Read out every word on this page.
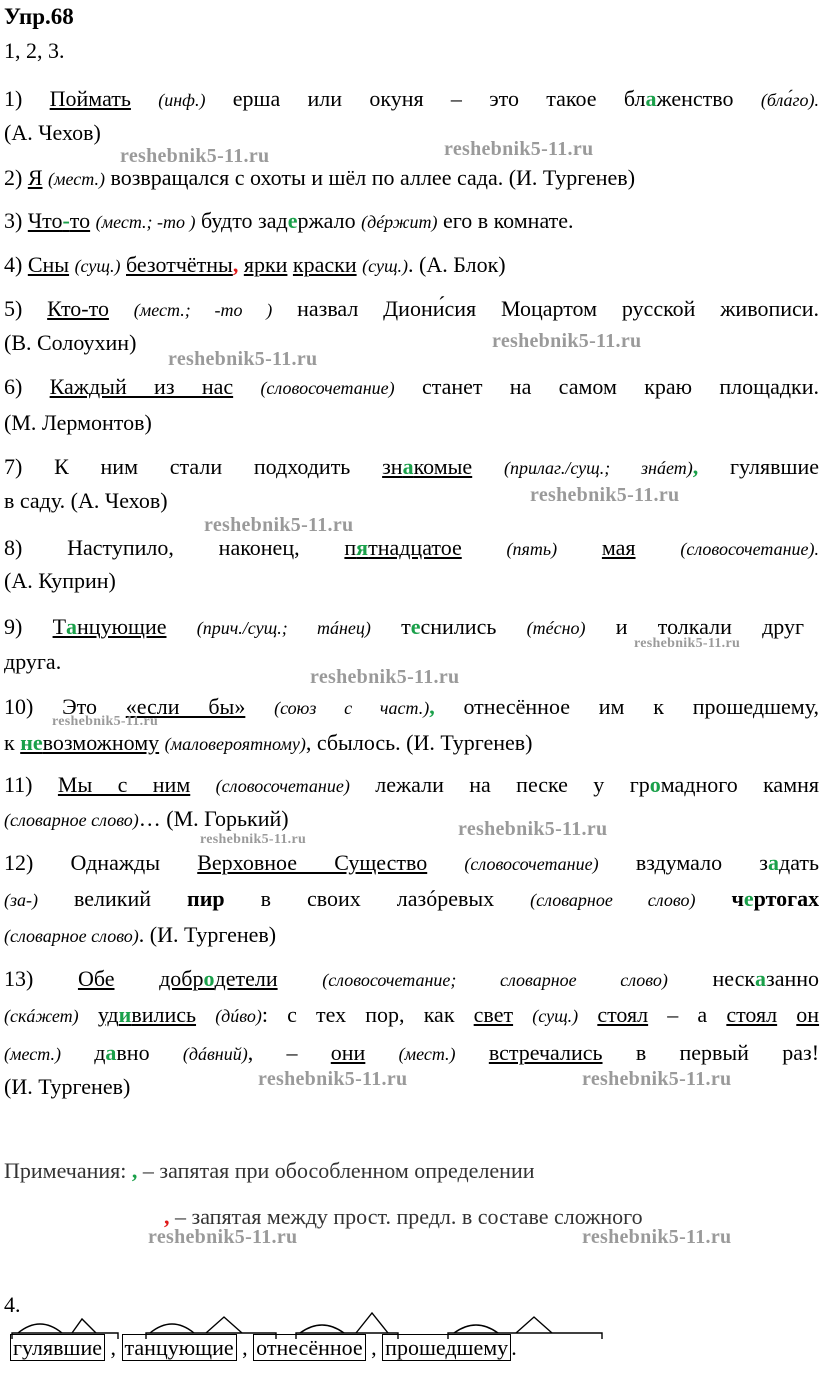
Упр.68
1, 2, 3.
1) Поймать (инф.) ерша или окуня – это такое блаженство (бла́го).
(А. Чехов)
2) Я (мест.) возвращался с охоты и шёл по аллее сада. (И. Тургенев)
3) Что-то (мест.; -то ) будто задержало (дéржит) его в комнате.
4) Сны (сущ.) безотчётны, ярки краски (сущ.). (А. Блок)
5) Кто-то (мест.; -то ) назвал Диони́сия Моцартом русской живописи.
(В. Солоухин)
6) Каждый из нас (словосочетание) станет на самом краю площадки.
(М. Лермонтов)
7) К ним стали подходить знакомые (прилаг./сущ.; знáет), гулявшие
в саду. (А. Чехов)
8) Наступило, наконец, пятнадцатое (пять) мая (словосочетание).
(А. Куприн)
9) Танцующие (прич./сущ.; тáнец) теснились (тéсно) и толкали друг
друга.
10) Это «если бы» (союз с част.), отнесённое им к прошедшему,
к невозможному (маловероятному), сбылось. (И. Тургенев)
11) Мы с ним (словосочетание) лежали на песке у громадного камня
(словарное слово)… (М. Горький)
12) Однажды Верховное Существо (словосочетание) вздумало задать
(за-) великий пир в своих лазóревых (словарное слово) чертогах
(словарное слово). (И. Тургенев)
13) Обе добродетели (словосочетание; словарное слово) несказанно
(скáжет) удивились (дúво): с тех пор, как свет (сущ.) стоял – а стоял он
(мест.) давно (дáвний), – они (мест.) встречались в первый раз!
(И. Тургенев)
Примечания: , – запятая при обособленном определении
, – запятая между прост. предл. в составе сложного
4.
гулявшие , танцующие , отнесённое , прошедшему .
reshebnik5-11.ru	reshebnik5-11.ru
reshebnik5-11.ru
reshebnik5-11.ru
reshebnik5-11.ru
reshebnik5-11.ru
reshebnik5-11.ru
reshebnik5-11.ru
reshebnik5-11.ru
reshebnik5-11.ru	reshebnik5-11.ru
reshebnik5-11.ru	reshebnik5-11.ru
reshebnik5-11.ru	reshebnik5-11.ru
